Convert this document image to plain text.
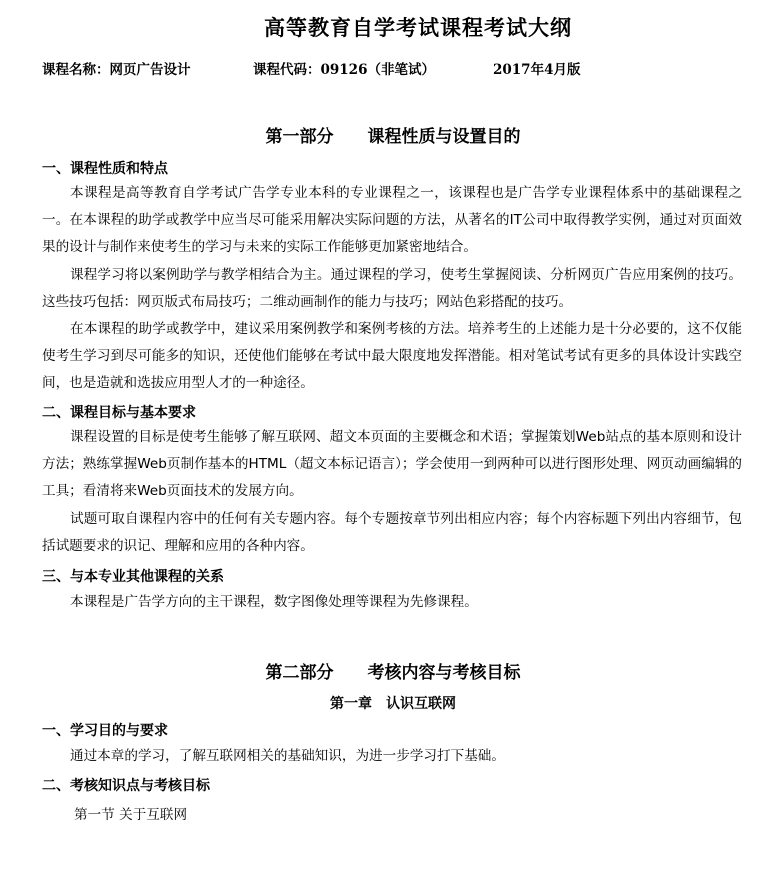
高等教育自学考试课程考试大纲
课程名称：网页广告设计	课程代码：09126（非笔试）	2017年4月版
第一部分　　课程性质与设置目的
一、课程性质和特点
本课程是高等教育自学考试广告学专业本科的专业课程之一，该课程也是广告学专业课程体系中的基础课程之一。在本课程的助学或教学中应当尽可能采用解决实际问题的方法，从著名的IT公司中取得教学实例，通过对页面效果的设计与制作来使考生的学习与未来的实际工作能够更加紧密地结合。
课程学习将以案例助学与教学相结合为主。通过课程的学习，使考生掌握阅读、分析网页广告应用案例的技巧。这些技巧包括：网页版式布局技巧；二维动画制作的能力与技巧；网站色彩搭配的技巧。
在本课程的助学或教学中，建议采用案例教学和案例考核的方法。培养考生的上述能力是十分必要的，这不仅能使考生学习到尽可能多的知识，还使他们能够在考试中最大限度地发挥潜能。相对笔试考试有更多的具体设计实践空间，也是造就和选拔应用型人才的一种途径。
二、课程目标与基本要求
课程设置的目标是使考生能够了解互联网、超文本页面的主要概念和术语；掌握策划Web站点的基本原则和设计方法；熟练掌握Web页制作基本的HTML（超文本标记语言）；学会使用一到两种可以进行图形处理、网页动画编辑的工具；看清将来Web页面技术的发展方向。
试题可取自课程内容中的任何有关专题内容。每个专题按章节列出相应内容；每个内容标题下列出内容细节，包括试题要求的识记、理解和应用的各种内容。
三、与本专业其他课程的关系
本课程是广告学方向的主干课程，数字图像处理等课程为先修课程。
第二部分　　考核内容与考核目标
第一章　认识互联网
一、学习目的与要求
通过本章的学习，了解互联网相关的基础知识，为进一步学习打下基础。
二、考核知识点与考核目标
第一节 关于互联网
